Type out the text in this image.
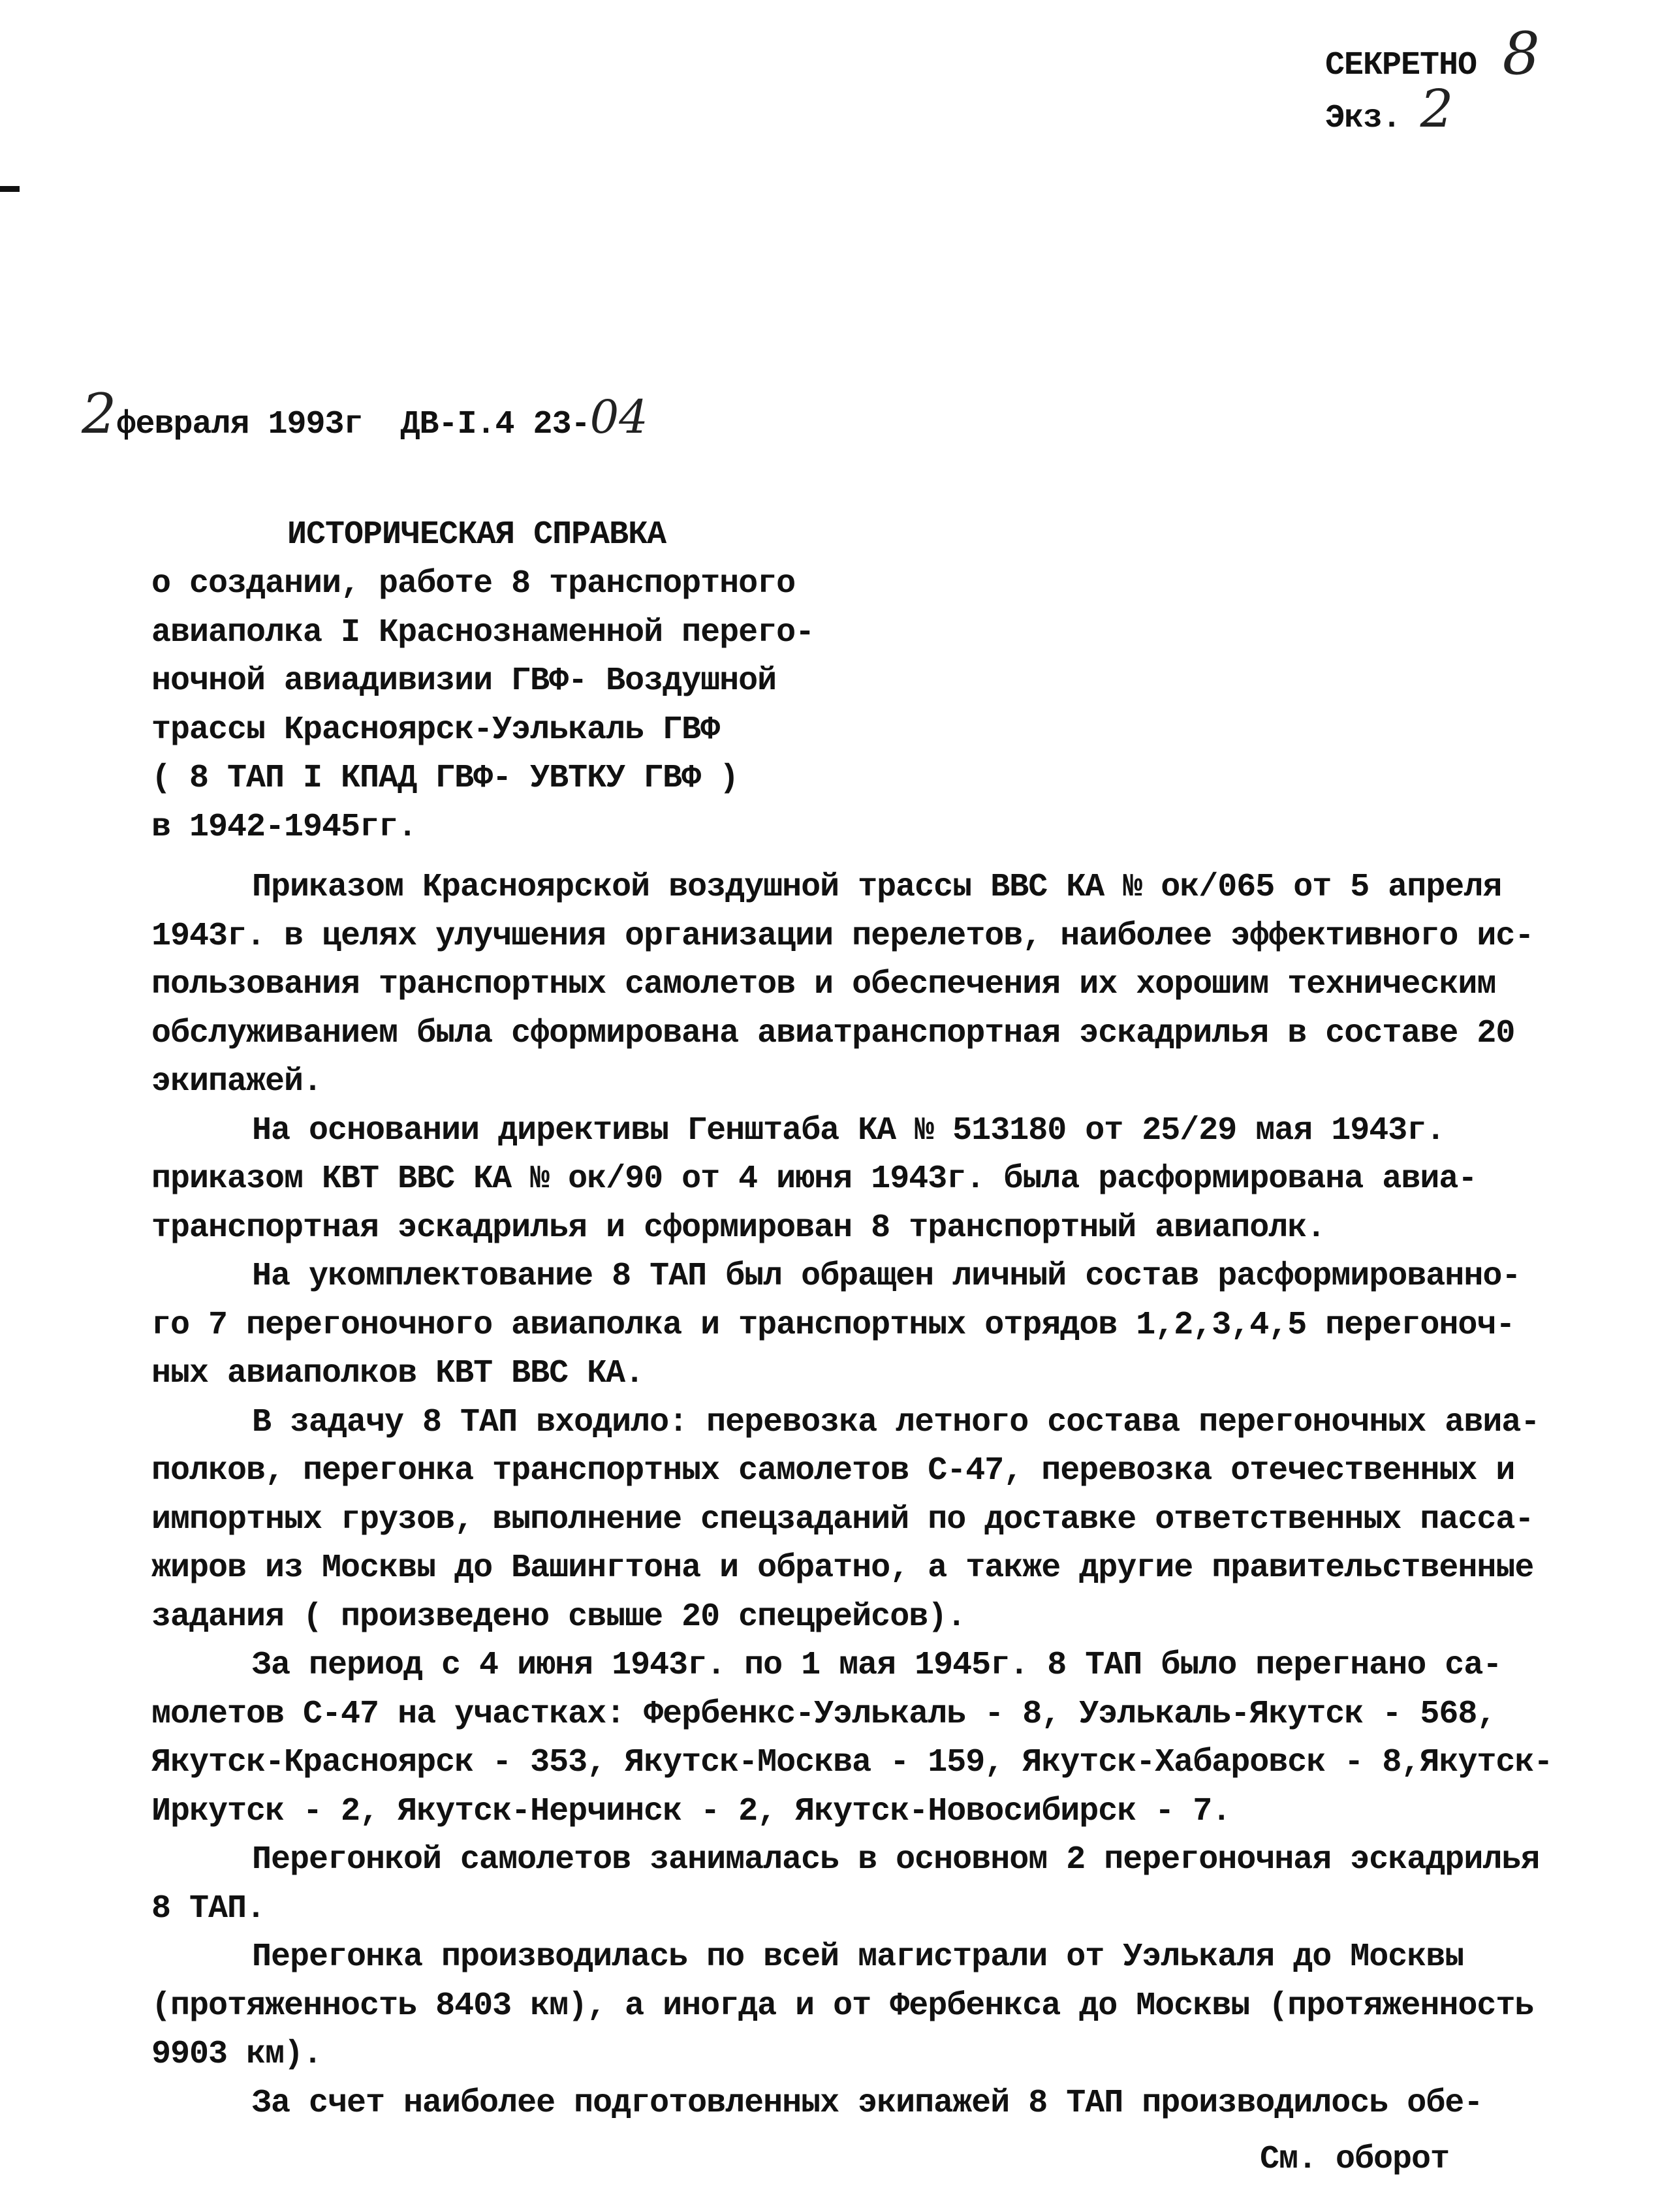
СЕКРЕТНО 8
Экз. 2
2февраля 1993г  ДВ-I.4 23-04
ИСТОРИЧЕСКАЯ СПРАВКА
о создании, работе 8 транспортного
авиаполка I Краснознаменной перего-
ночной авиадивизии ГВФ- Воздушной
трассы Красноярск-Уэлькаль ГВФ
( 8 ТАП I КПАД ГВФ- УВТКУ ГВФ )
в 1942-1945гг.
Приказом Красноярской воздушной трассы ВВС КА № ок/065 от 5 апреля
1943г. в целях улучшения организации перелетов, наиболее эффективного ис-
пользования транспортных самолетов и обеспечения их хорошим техническим
обслуживанием была сформирована авиатранспортная эскадрилья в составе 20
экипажей.
На основании директивы Генштаба КА № 513180 от 25/29 мая 1943г.
приказом КВТ ВВС КА № ок/90 от 4 июня 1943г. была расформирована авиа-
транспортная эскадрилья и сформирован 8 транспортный авиаполк.
На укомплектование 8 ТАП был обращен личный состав расформированно-
го 7 перегоночного авиаполка и транспортных отрядов 1,2,3,4,5 перегоноч-
ных авиаполков КВТ ВВС КА.
В задачу 8 ТАП входило: перевозка летного состава перегоночных авиа-
полков, перегонка транспортных самолетов С-47, перевозка отечественных и
импортных грузов, выполнение спецзаданий по доставке ответственных пасса-
жиров из Москвы до Вашингтона и обратно, а также другие правительственные
задания ( произведено свыше 20 спецрейсов).
За период с 4 июня 1943г. по 1 мая 1945г. 8 ТАП было перегнано са-
молетов С-47 на участках: Фербенкс-Уэлькаль - 8, Уэлькаль-Якутск - 568,
Якутск-Красноярск - 353, Якутск-Москва - 159, Якутск-Хабаровск - 8,Якутск-
Иркутск - 2, Якутск-Нерчинск - 2, Якутск-Новосибирск - 7.
Перегонкой самолетов занималась в основном 2 перегоночная эскадрилья
8 ТАП.
Перегонка производилась по всей магистрали от Уэлькаля до Москвы
(протяженность 8403 км), а иногда и от Фербенкса до Москвы (протяженность
9903 км).
За счет наиболее подготовленных экипажей 8 ТАП производилось обе-
См. оборот
